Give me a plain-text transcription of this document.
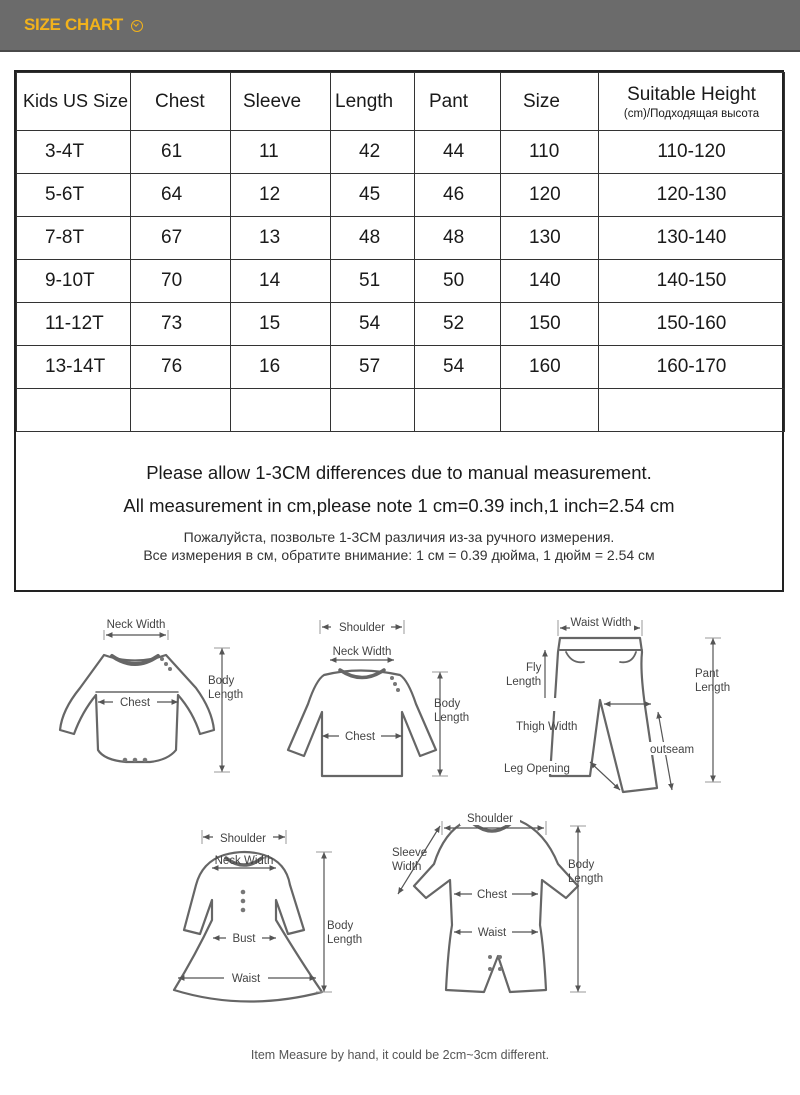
SIZE CHART
Kids US Size	Chest	Sleeve	Length	Pant	Size	Suitable Height
(cm)/Подходящая высота

3-4T	61	11	42	44	110	110-120

5-6T	64	12	45	46	120	120-130

7-8T	67	13	48	48	130	130-140

9-10T	70	14	51	50	140	140-150

11-12T	73	15	54	52	150	150-160

13-14T	76	16	57	54	160	160-170

Please allow 1-3CM differences due to manual measurement.
All measurement in cm,please note 1 cm=0.39 inch,1 inch=2.54 cm
Пожалуйста, позвольте 1-3CM различия из-за ручного измерения.
Все измерения в см, обратите внимание: 1 см = 0.39 дюйма, 1 дюйм = 2.54 см
Neck Width
Chest
Body
Length
Shoulder
Neck Width
Chest
Body
Length
Waist Width
Fly
Length
Pant
Length
Thigh Width
outseam
Leg Opening
Shoulder
Neck Width
Bust
Waist
Body
Length
Shoulder
Sleeve
Width
Chest
Waist
Body
Length
Item Measure by hand, it could be 2cm~3cm different.
